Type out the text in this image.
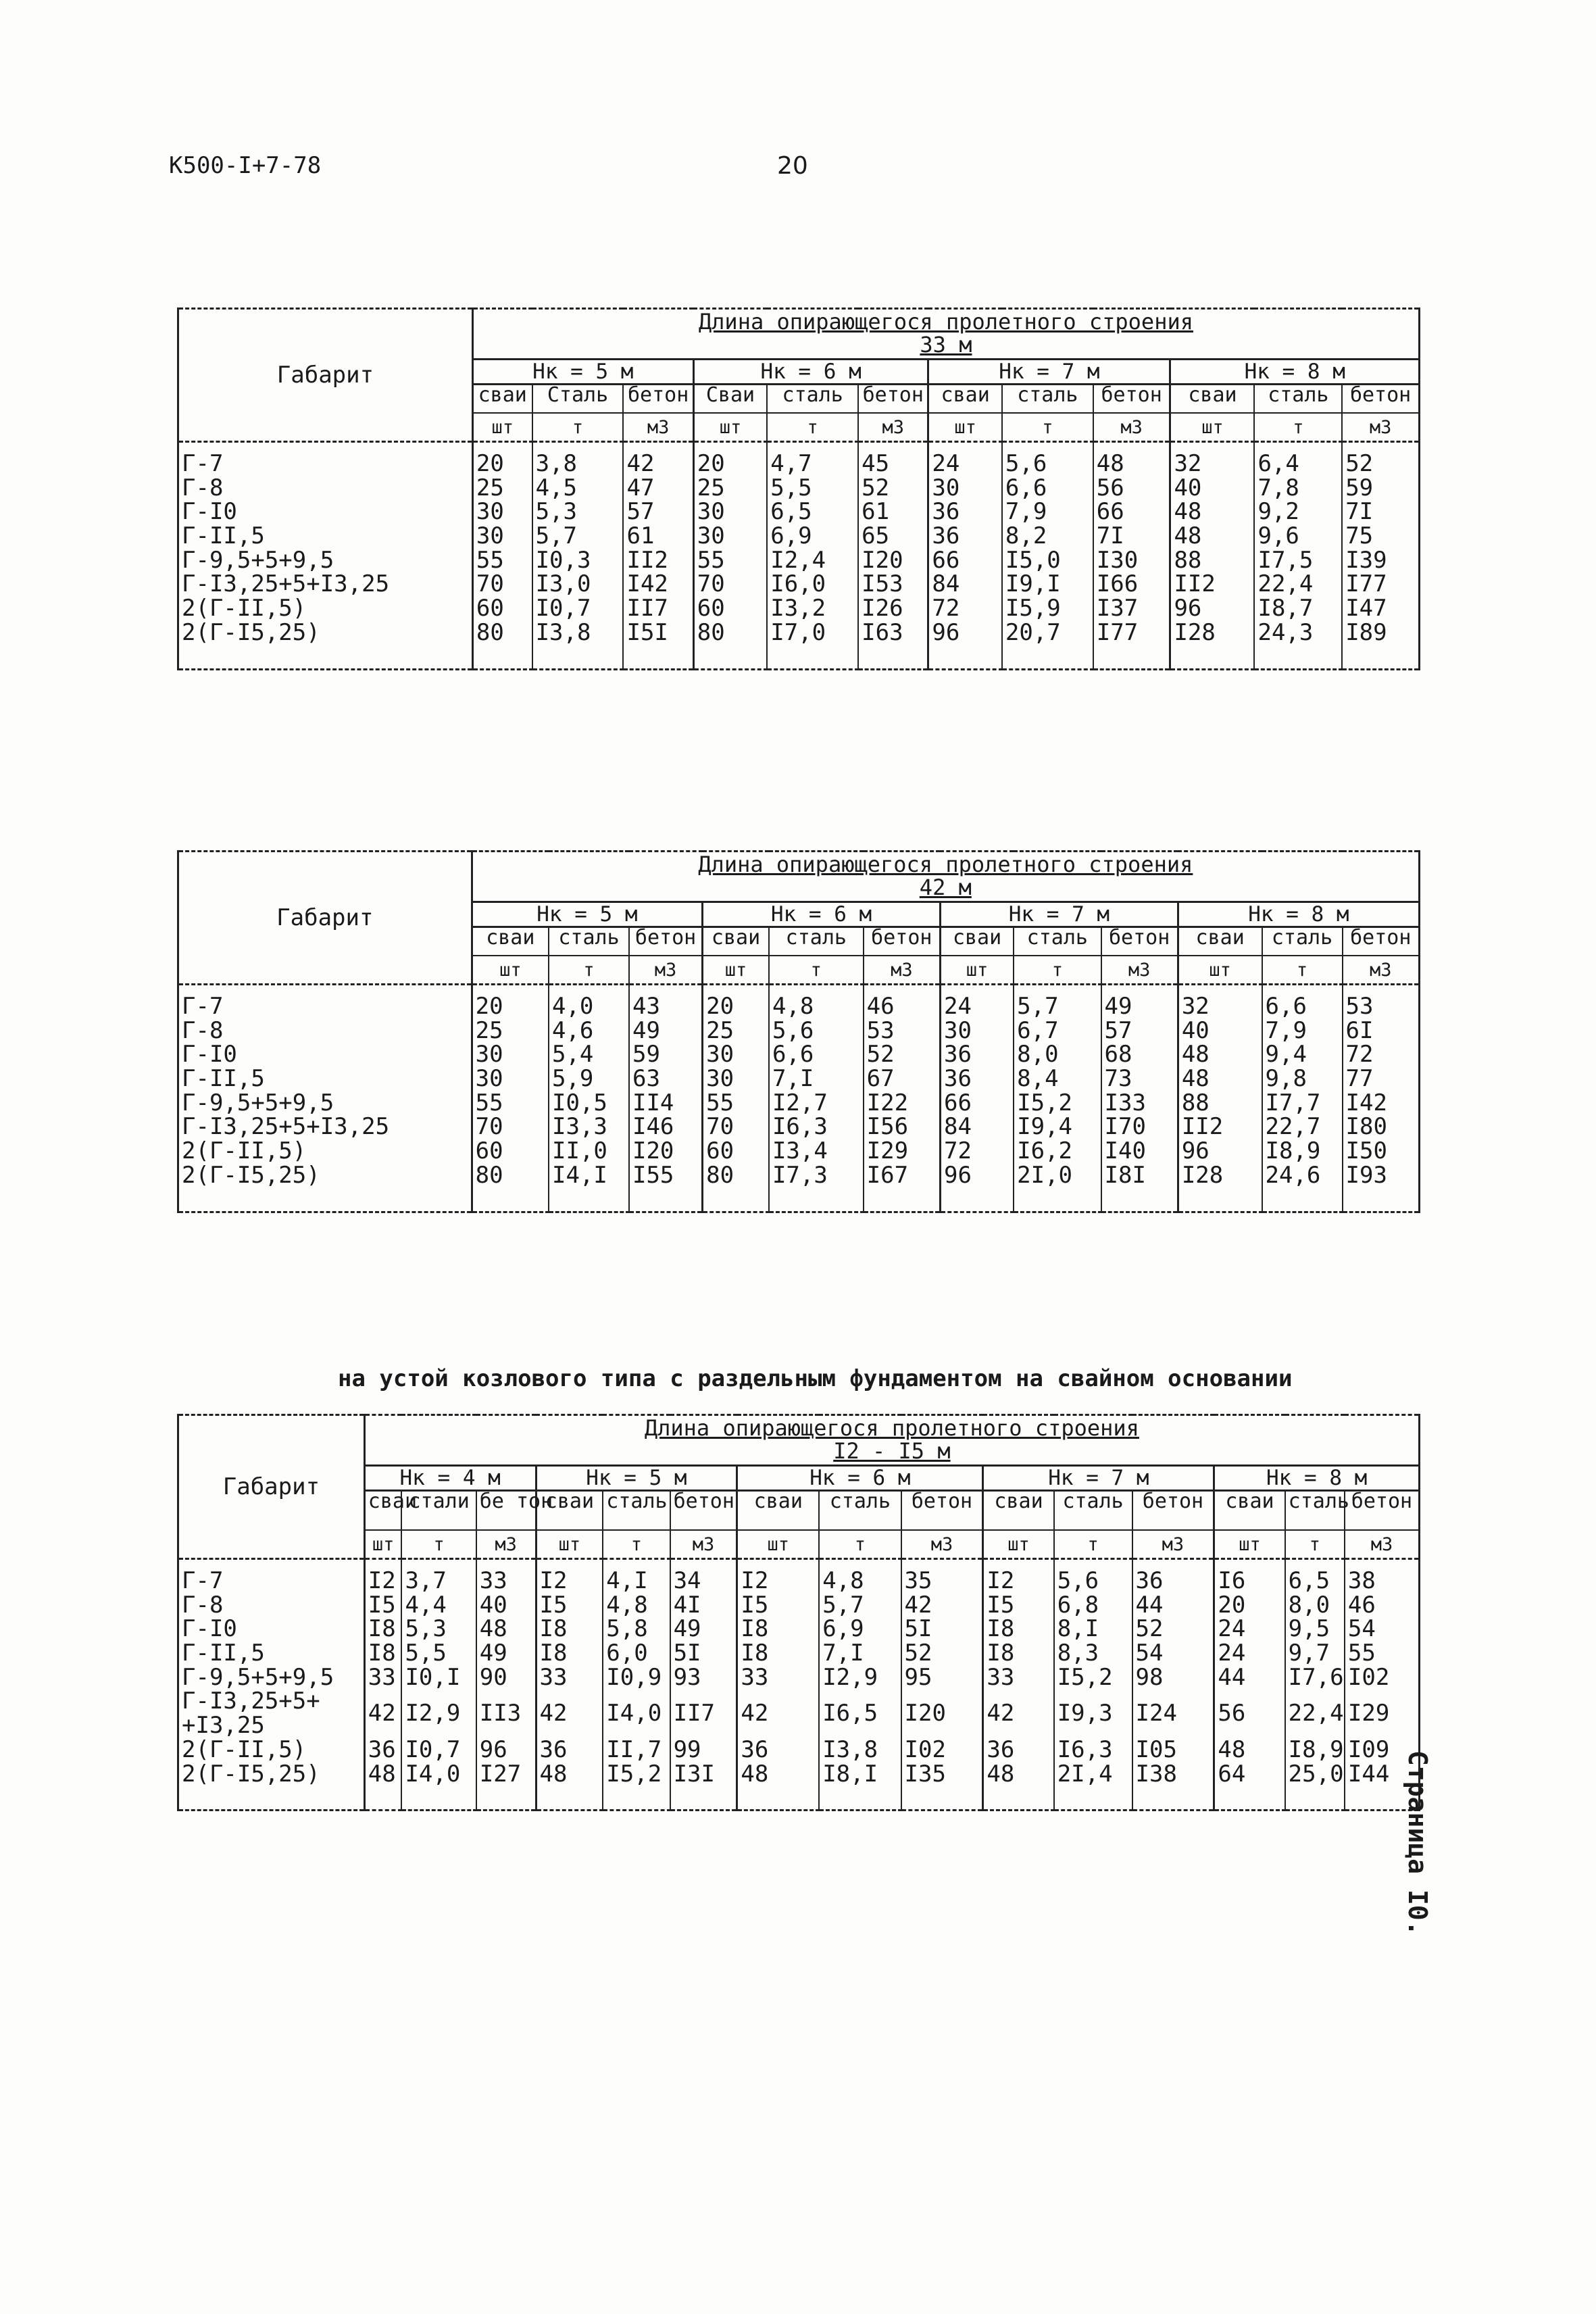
К500-I+7-78	20
Габарит	Длина опирающегося пролетного строения
33 м											

	Нк = 5 м			Нк = 6 м			Нк = 7 м			Нк = 8 м		
	сваи	Сталь	бетон	Сваи	сталь	бетон	сваи	сталь	бетон	сваи	сталь	бетон
	шт	т	м3	шт	т	м3	шт	т	м3	шт	т	м3
Г-7	20	3,8	42	20	4,7	45	24	5,6	48	32	6,4	52
Г-8	25	4,5	47	25	5,5	52	30	6,6	56	40	7,8	59
Г-I0	30	5,3	57	30	6,5	61	36	7,9	66	48	9,2	7I
Г-II,5	30	5,7	61	30	6,9	65	36	8,2	7I	48	9,6	75
Г-9,5+5+9,5	55	I0,3	II2	55	I2,4	I20	66	I5,0	I30	88	I7,5	I39
Г-I3,25+5+I3,25	70	I3,0	I42	70	I6,0	I53	84	I9,I	I66	II2	22,4	I77
2(Г-II,5)	60	I0,7	II7	60	I3,2	I26	72	I5,9	I37	96	I8,7	I47
2(Г-I5,25)	80	I3,8	I5I	80	I7,0	I63	96	20,7	I77	I28	24,3	I89
Габарит	Длина опирающегося пролетного строения
42 м											

	Нк = 5 м			Нк = 6 м			Нк = 7 м			Нк = 8 м		
	сваи	сталь	бетон	сваи	сталь	бетон	сваи	сталь	бетон	сваи	сталь	бетон
	шт	т	м3	шт	т	м3	шт	т	м3	шт	т	м3
Г-7	20	4,0	43	20	4,8	46	24	5,7	49	32	6,6	53
Г-8	25	4,6	49	25	5,6	53	30	6,7	57	40	7,9	6I
Г-I0	30	5,4	59	30	6,6	52	36	8,0	68	48	9,4	72
Г-II,5	30	5,9	63	30	7,I	67	36	8,4	73	48	9,8	77
Г-9,5+5+9,5	55	I0,5	II4	55	I2,7	I22	66	I5,2	I33	88	I7,7	I42
Г-I3,25+5+I3,25	70	I3,3	I46	70	I6,3	I56	84	I9,4	I70	II2	22,7	I80
2(Г-II,5)	60	II,0	I20	60	I3,4	I29	72	I6,2	I40	96	I8,9	I50
2(Г-I5,25)	80	I4,I	I55	80	I7,3	I67	96	2I,0	I8I	I28	24,6	I93
на устой козлового типа с раздельным фундаментом на свайном основании
Габарит	Длина опирающегося пролетного строения
I2 - I5 м														

	Нк = 4 м			Нк = 5 м			Нк = 6 м			Нк = 7 м			Нк = 8 м		
	сваи	стали	бе тон	сваи	сталь	бетон	сваи	сталь	бетон	сваи	сталь	бетон	сваи	сталь	бетон
	шт	т	м3	шт	т	м3	шт	т	м3	шт	т	м3	шт	т	м3
Г-7	I2	3,7	33	I2	4,I	34	I2	4,8	35	I2	5,6	36	I6	6,5	38
Г-8	I5	4,4	40	I5	4,8	4I	I5	5,7	42	I5	6,8	44	20	8,0	46
Г-I0	I8	5,3	48	I8	5,8	49	I8	6,9	5I	I8	8,I	52	24	9,5	54
Г-II,5	I8	5,5	49	I8	6,0	5I	I8	7,I	52	I8	8,3	54	24	9,7	55
Г-9,5+5+9,5	33	I0,I	90	33	I0,9	93	33	I2,9	95	33	I5,2	98	44	I7,6	I02
Г-I3,25+5+ +I3,25	42	I2,9	II3	42	I4,0	II7	42	I6,5	I20	42	I9,3	I24	56	22,4	I29
2(Г-II,5)	36	I0,7	96	36	II,7	99	36	I3,8	I02	36	I6,3	I05	48	I8,9	I09
2(Г-I5,25)	48	I4,0	I27	48	I5,2	I3I	48	I8,I	I35	48	2I,4	I38	64	25,0	I44 Страница I0.
